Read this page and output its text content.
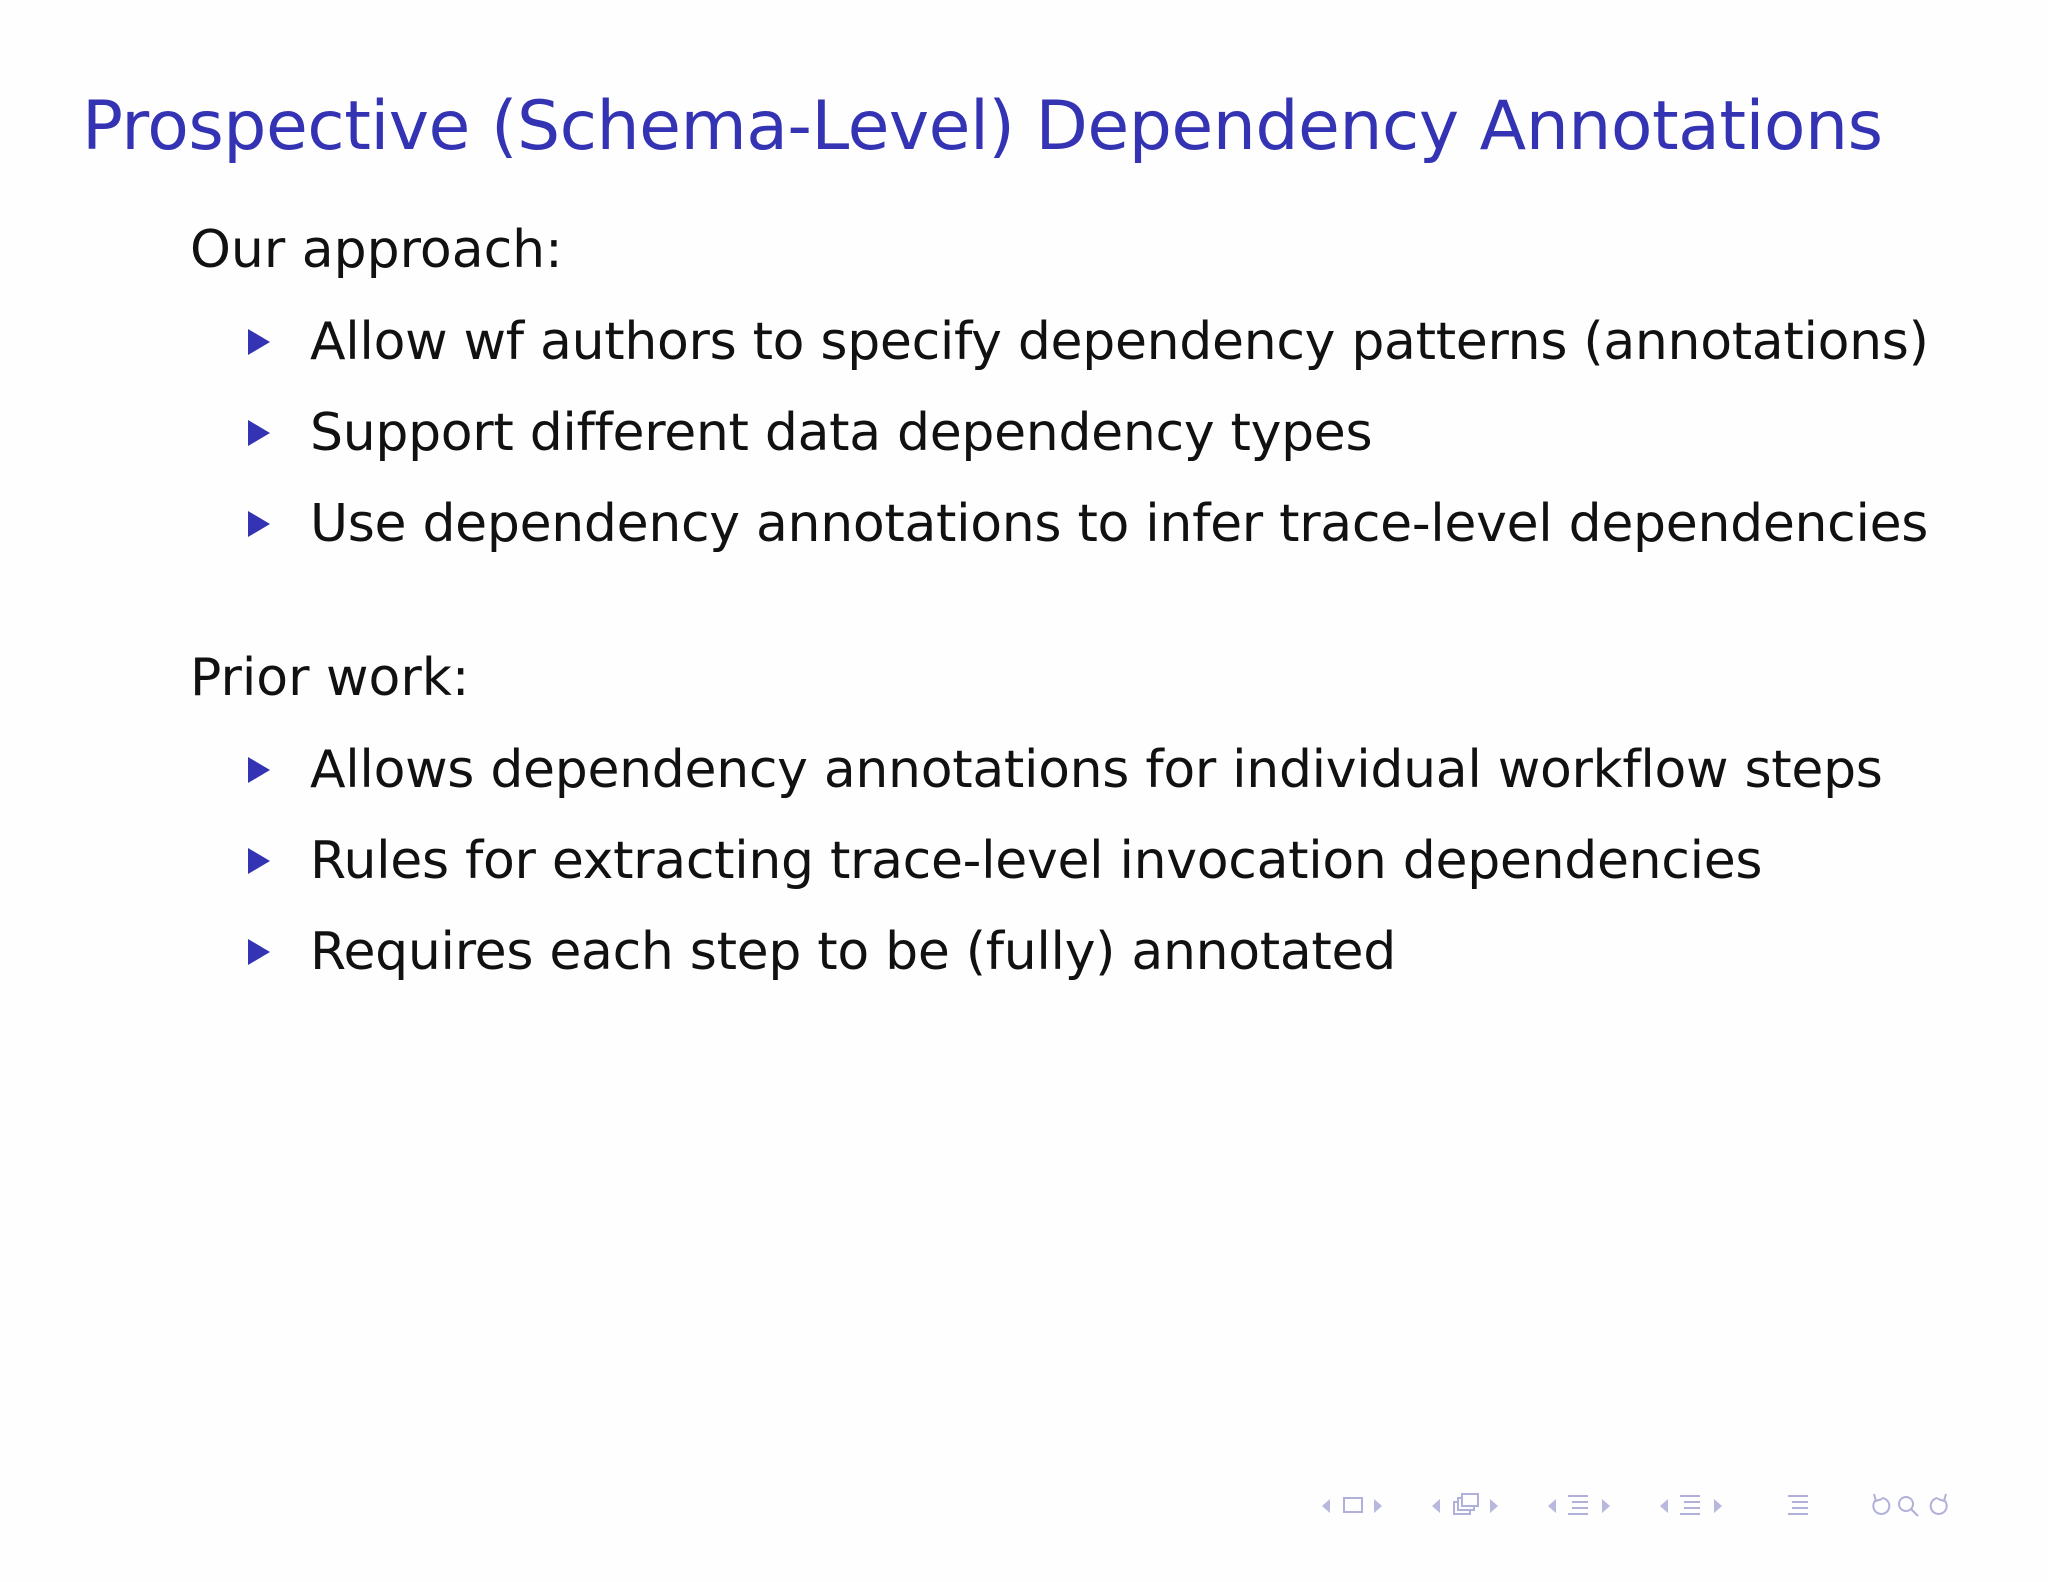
Prospective (Schema-Level) Dependency Annotations
Our approach:
Allow wf authors to specify dependency patterns (annotations)
Support different data dependency types
Use dependency annotations to infer trace-level dependencies
Prior work:
Allows dependency annotations for individual workflow steps
Rules for extracting trace-level invocation dependencies
Requires each step to be (fully) annotated
